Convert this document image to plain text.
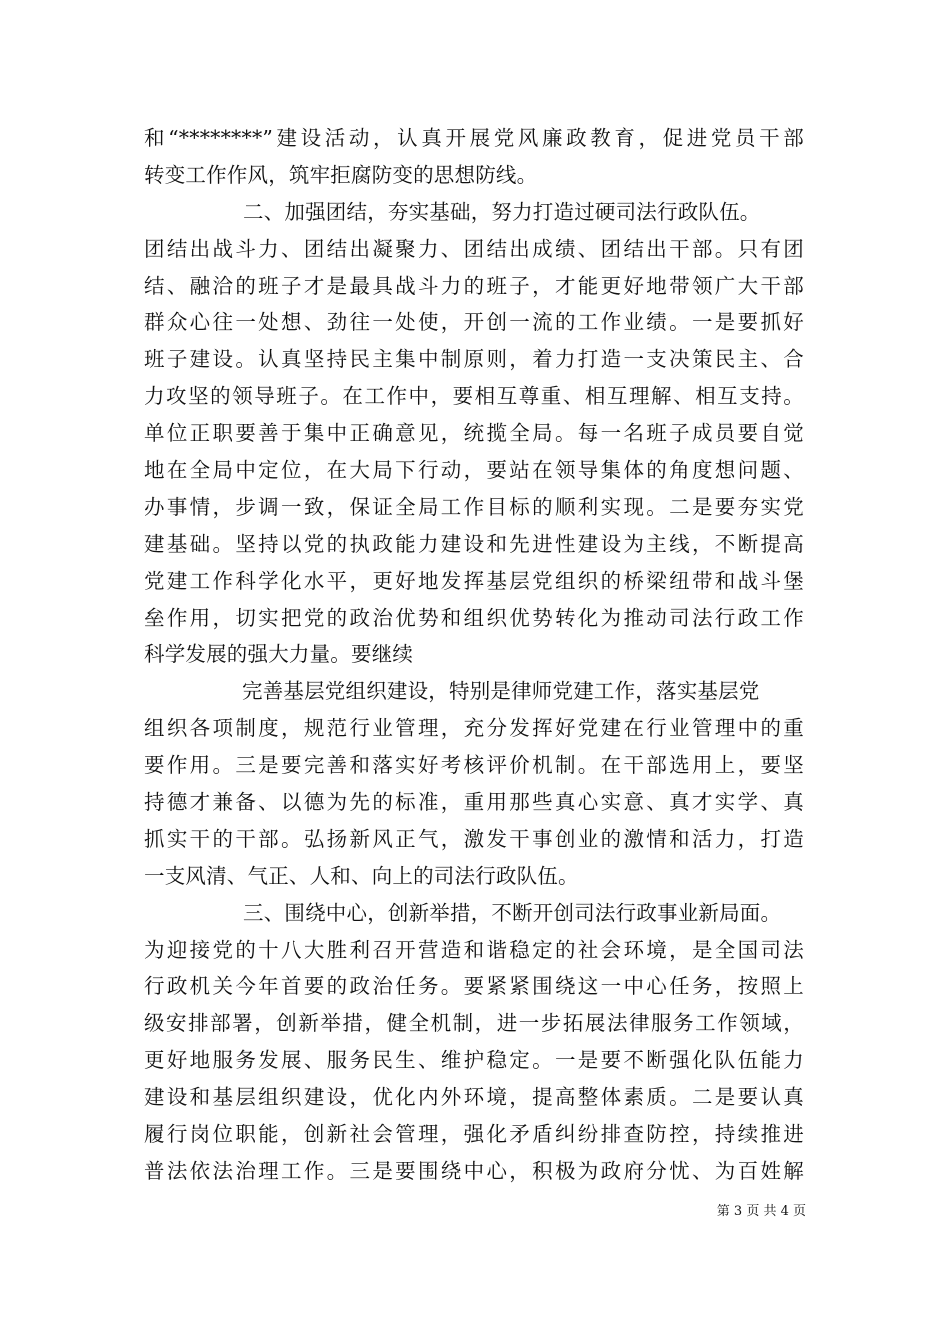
和“********”建设活动，认真开展党风廉政教育，促进党员干部
转变工作作风，筑牢拒腐防变的思想防线。
二、加强团结，夯实基础，努力打造过硬司法行政队伍。
团结出战斗力、团结出凝聚力、团结出成绩、团结出干部。只有团
结、融洽的班子才是最具战斗力的班子，才能更好地带领广大干部
群众心往一处想、劲往一处使，开创一流的工作业绩。一是要抓好
班子建设。认真坚持民主集中制原则，着力打造一支决策民主、合
力攻坚的领导班子。在工作中，要相互尊重、相互理解、相互支持。
单位正职要善于集中正确意见，统揽全局。每一名班子成员要自觉
地在全局中定位，在大局下行动，要站在领导集体的角度想问题、
办事情，步调一致，保证全局工作目标的顺利实现。二是要夯实党
建基础。坚持以党的执政能力建设和先进性建设为主线，不断提高
党建工作科学化水平，更好地发挥基层党组织的桥梁纽带和战斗堡
垒作用，切实把党的政治优势和组织优势转化为推动司法行政工作
科学发展的强大力量。要继续
完善基层党组织建设，特别是律师党建工作，落实基层党
组织各项制度，规范行业管理，充分发挥好党建在行业管理中的重
要作用。三是要完善和落实好考核评价机制。在干部选用上，要坚
持德才兼备、以德为先的标准，重用那些真心实意、真才实学、真
抓实干的干部。弘扬新风正气，激发干事创业的激情和活力，打造
一支风清、气正、人和、向上的司法行政队伍。
三、围绕中心，创新举措，不断开创司法行政事业新局面。
为迎接党的十八大胜利召开营造和谐稳定的社会环境，是全国司法
行政机关今年首要的政治任务。要紧紧围绕这一中心任务，按照上
级安排部署，创新举措，健全机制，进一步拓展法律服务工作领域，
更好地服务发展、服务民生、维护稳定。一是要不断强化队伍能力
建设和基层组织建设，优化内外环境，提高整体素质。二是要认真
履行岗位职能，创新社会管理，强化矛盾纠纷排查防控，持续推进
普法依法治理工作。三是要围绕中心，积极为政府分忧、为百姓解
第 3 页 共 4 页
